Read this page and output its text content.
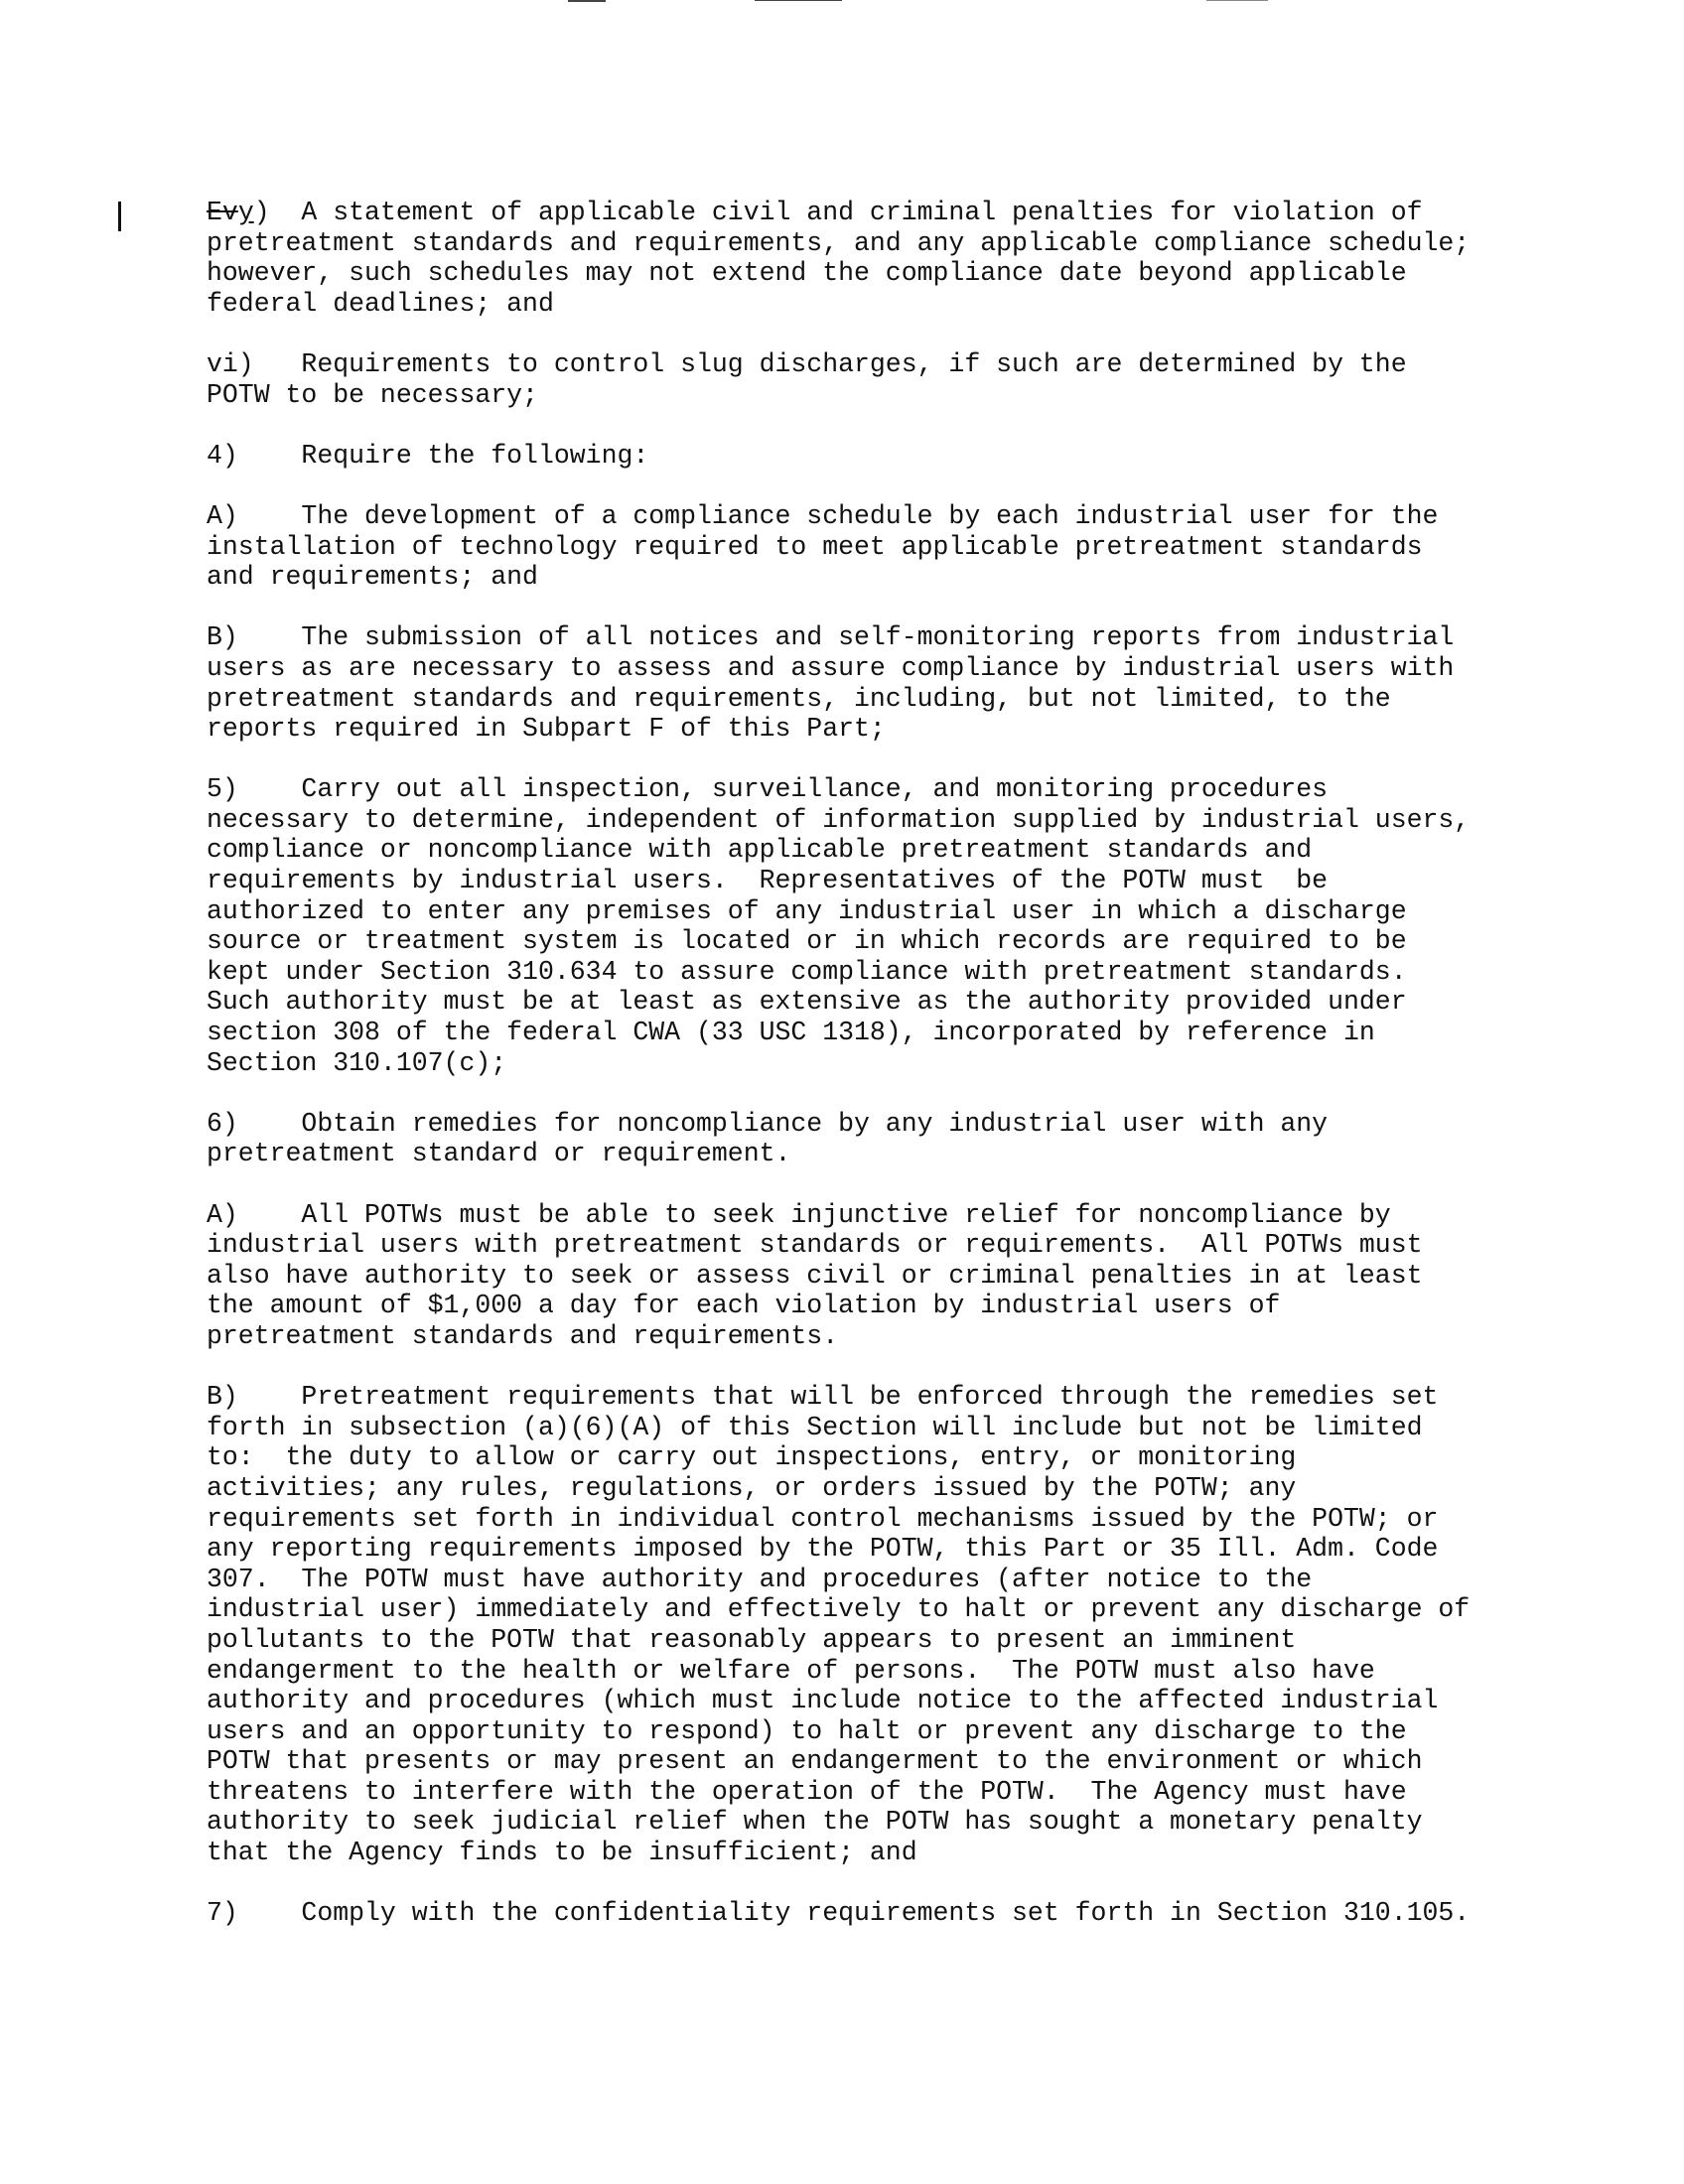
Evy)  A statement of applicable civil and criminal penalties for violation of
pretreatment standards and requirements, and any applicable compliance schedule;
however, such schedules may not extend the compliance date beyond applicable
federal deadlines; and

vi)   Requirements to control slug discharges, if such are determined by the
POTW to be necessary;

4)    Require the following:

A)    The development of a compliance schedule by each industrial user for the
installation of technology required to meet applicable pretreatment standards
and requirements; and

B)    The submission of all notices and self-monitoring reports from industrial
users as are necessary to assess and assure compliance by industrial users with
pretreatment standards and requirements, including, but not limited, to the
reports required in Subpart F of this Part;

5)    Carry out all inspection, surveillance, and monitoring procedures
necessary to determine, independent of information supplied by industrial users,
compliance or noncompliance with applicable pretreatment standards and
requirements by industrial users.  Representatives of the POTW must  be
authorized to enter any premises of any industrial user in which a discharge
source or treatment system is located or in which records are required to be
kept under Section 310.634 to assure compliance with pretreatment standards.
Such authority must be at least as extensive as the authority provided under
section 308 of the federal CWA (33 USC 1318), incorporated by reference in
Section 310.107(c);

6)    Obtain remedies for noncompliance by any industrial user with any
pretreatment standard or requirement.

A)    All POTWs must be able to seek injunctive relief for noncompliance by
industrial users with pretreatment standards or requirements.  All POTWs must
also have authority to seek or assess civil or criminal penalties in at least
the amount of $1,000 a day for each violation by industrial users of
pretreatment standards and requirements.

B)    Pretreatment requirements that will be enforced through the remedies set
forth in subsection (a)(6)(A) of this Section will include but not be limited
to:  the duty to allow or carry out inspections, entry, or monitoring
activities; any rules, regulations, or orders issued by the POTW; any
requirements set forth in individual control mechanisms issued by the POTW; or
any reporting requirements imposed by the POTW, this Part or 35 Ill. Adm. Code
307.  The POTW must have authority and procedures (after notice to the
industrial user) immediately and effectively to halt or prevent any discharge of
pollutants to the POTW that reasonably appears to present an imminent
endangerment to the health or welfare of persons.  The POTW must also have
authority and procedures (which must include notice to the affected industrial
users and an opportunity to respond) to halt or prevent any discharge to the
POTW that presents or may present an endangerment to the environment or which
threatens to interfere with the operation of the POTW.  The Agency must have
authority to seek judicial relief when the POTW has sought a monetary penalty
that the Agency finds to be insufficient; and

7)    Comply with the confidentiality requirements set forth in Section 310.105.
